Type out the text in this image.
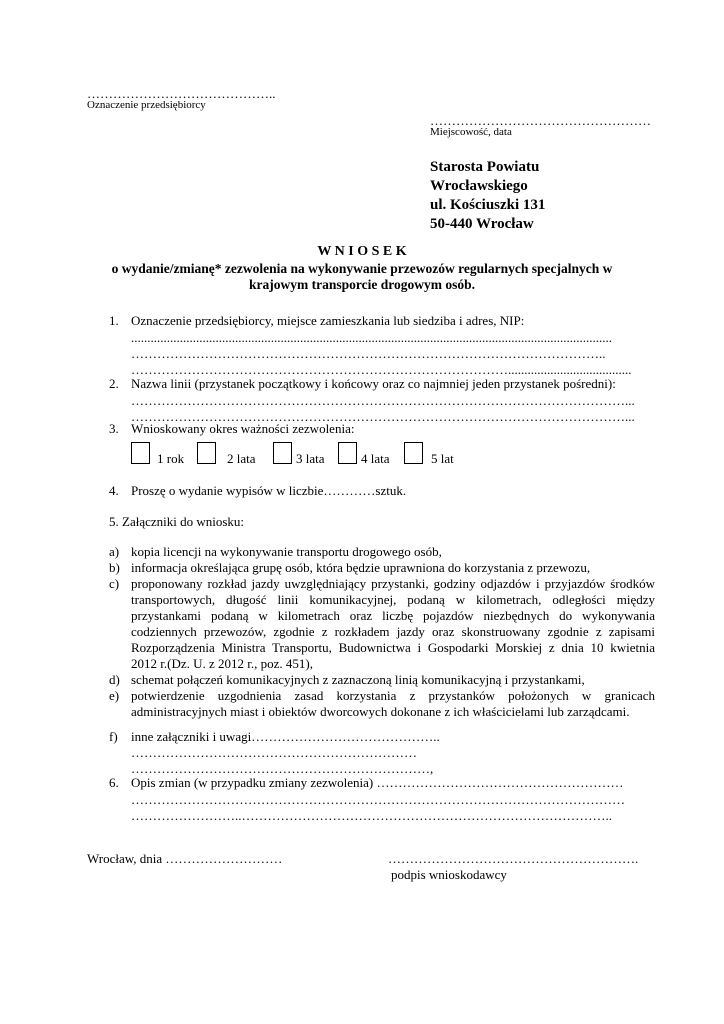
……………………………………..
Oznaczenie przedsiębiorcy
……………………………………………
Miejscowość, data
Starosta Powiatu
Wrocławskiego
ul. Kościuszki 131
50-440 Wrocław
W N I O S E K
o wydanie/zmianę* zezwolenia na wykonywanie przewozów regularnych specjalnych w
krajowym transporcie drogowym osób.
1. Oznaczenie przedsiębiorcy, miejsce zamieszkania lub siedziba i adres, NIP:
....................................................................................................................................................
………………………………………………………………………………………………..
……………………………………………………………………………......................................
2. Nazwa linii (przystanek początkowy i końcowy oraz co najmniej jeden przystanek pośredni):
……………………………………………………………………………………………………...
……………………………………………………………………………………………………...
3. Wnioskowany okres ważności zezwolenia:
1 rok	2 lata	3 lata	4 lata	5 lat
4. Proszę o wydanie wypisów w liczbie…………sztuk.
5. Załączniki do wniosku:
a) kopia licencji na wykonywanie transportu drogowego osób,
b) informacja określająca grupę osób, która będzie uprawniona do korzystania z przewozu,
c) proponowany rozkład jazdy uwzględniający przystanki, godziny odjazdów i przyjazdów środków
transportowych, długość linii komunikacyjnej, podaną w kilometrach, odległości między
przystankami podaną w kilometrach oraz liczbę pojazdów niezbędnych do wykonywania
codziennych przewozów, zgodnie z rozkładem jazdy oraz skonstruowany zgodnie z zapisami
Rozporządzenia Ministra Transportu, Budownictwa i Gospodarki Morskiej z dnia 10 kwietnia
2012 r.(Dz. U. z 2012 r., poz. 451),
d) schemat połączeń komunikacyjnych z zaznaczoną linią komunikacyjną i przystankami,
e) potwierdzenie uzgodnienia zasad korzystania z przystanków położonych w granicach
administracyjnych miast i obiektów dworcowych dokonane z ich właścicielami lub zarządcami.
f) inne załączniki i uwagi……………………………………..
…………………………………………………………
……………………………………………………………,
6. Opis zmian (w przypadku zmiany zezwolenia) …………………………………………………
……………………………………………………………………………………………………
……………………..…………………………………………………………………………..
Wrocław, dnia ………………………	………………………………………………….
podpis wnioskodawcy
